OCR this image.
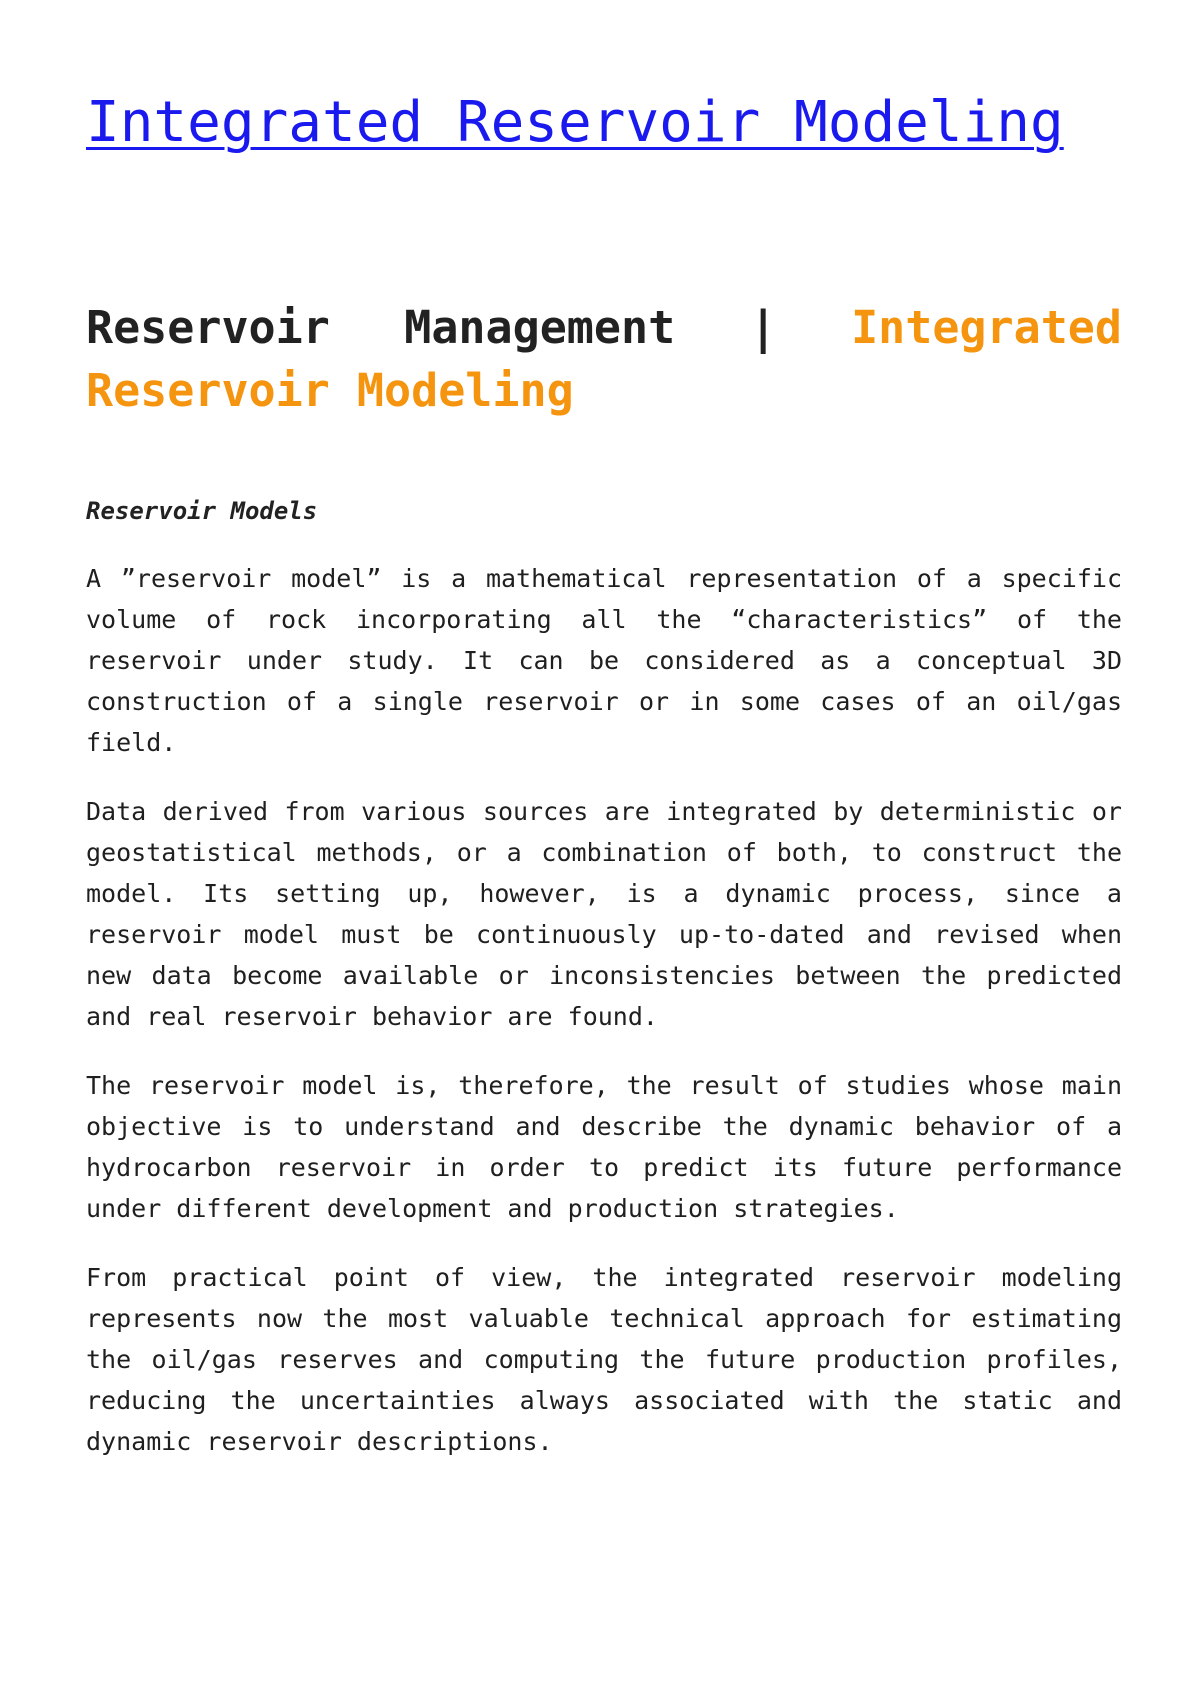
Integrated Reservoir Modeling
Reservoir Management | Integrated Reservoir Modeling
Reservoir Models

A ”reservoir model” is a mathematical representation of a specific volume of rock incorporating all the “characteristics” of the reservoir under study. It can be considered as a conceptual 3D construction of a single reservoir or in some cases of an oil/gas field.

Data derived from various sources are integrated by deterministic or geostatistical methods, or a combination of both, to construct the model. Its setting up, however, is a dynamic process, since a reservoir model must be continuously up-to-dated and revised when new data become available or inconsistencies between the predicted and real reservoir behavior are found.

The reservoir model is, therefore, the result of studies whose main objective is to understand and describe the dynamic behavior of a hydrocarbon reservoir in order to predict its future performance under different development and production strategies.

From practical point of view, the integrated reservoir modeling represents now the most valuable technical approach for estimating the oil/gas reserves and computing the future production profiles, reducing the uncertainties always associated with the static and dynamic reservoir descriptions.
